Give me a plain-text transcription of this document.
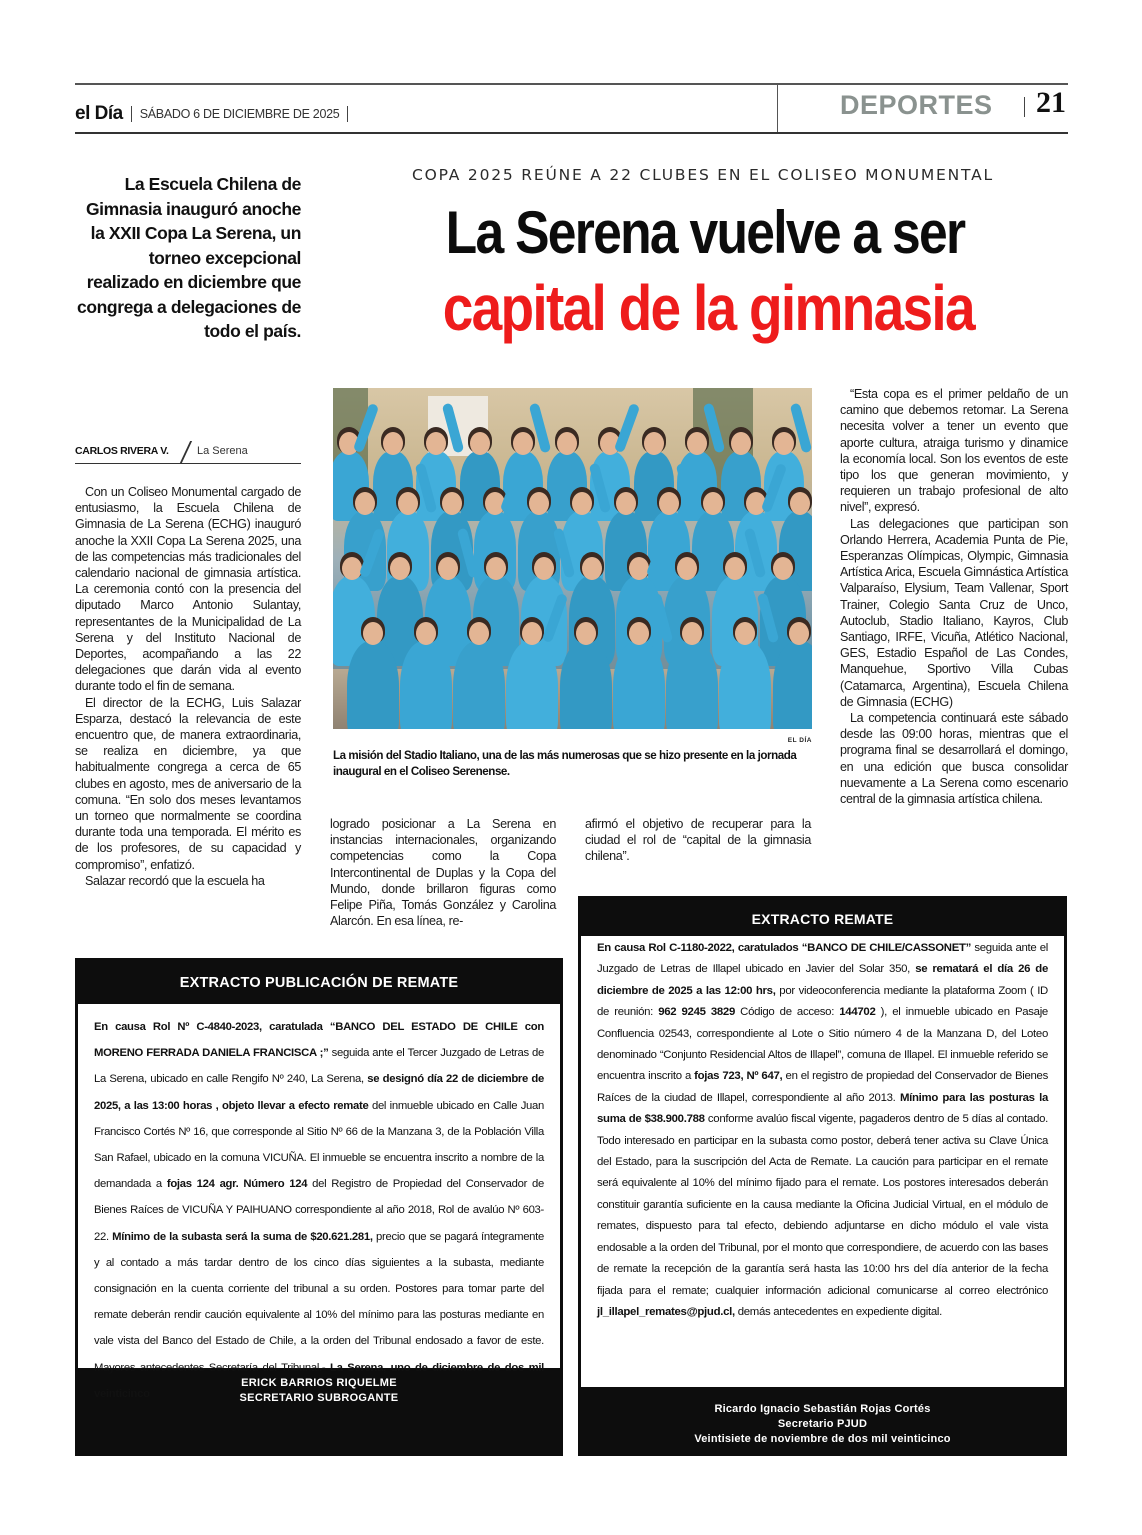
el Día SÁBADO 6 DE DICIEMBRE DE 2025	DEPORTES 21
La Escuela Chilena de Gimnasia inauguró anoche la XXII Copa La Serena, un torneo excepcional realizado en diciembre que congrega a delegaciones de todo el país.
COPA 2025 REÚNE A 22 CLUBES EN EL COLISEO MONUMENTAL
La Serena vuelve a ser
capital de la gimnasia
CARLOS RIVERA V.	La Serena

Con un Coliseo Monumental cargado de entusiasmo, la Escuela Chilena de Gimnasia de La Serena (ECHG) inauguró anoche la XXII Copa La Serena 2025, una de las competencias más tradicionales del calendario nacional de gimnasia artística. La ceremonia contó con la presencia del diputado Marco Antonio Sulantay, representantes de la Municipalidad de La Serena y del Instituto Nacional de Deportes, acompañando a las 22 delegaciones que darán vida al evento durante todo el fin de semana.

El director de la ECHG, Luis Salazar Esparza, destacó la relevancia de este encuentro que, de manera extraordinaria, se realiza en diciembre, ya que habitualmente congrega a cerca de 65 clubes en agosto, mes de aniversario de la comuna. “En solo dos meses levantamos un torneo que normalmente se coordina durante toda una temporada. El mérito es de los profesores, de su capacidad y compromiso”, enfatizó.

Salazar recordó que la escuela ha

EL DÍA
La misión del Stadio Italiano, una de las más numerosas que se hizo presente en la jornada inaugural en el Coliseo Serenense.

logrado posicionar a La Serena en instancias internacionales, organizando competencias como la Copa Intercontinental de Duplas y la Copa del Mundo, donde brillaron figuras como Felipe Piña, Tomás González y Carolina Alarcón. En esa línea, re-

afirmó el objetivo de recuperar para la ciudad el rol de “capital de la gimnasia chilena”.

“Esta copa es el primer peldaño de un camino que debemos retomar. La Serena necesita volver a tener un evento que aporte cultura, atraiga turismo y dinamice la economía local. Son los eventos de este tipo los que generan movimiento, y requieren un trabajo profesional de alto nivel”, expresó.

Las delegaciones que participan son Orlando Herrera, Academia Punta de Pie, Esperanzas Olímpicas, Olympic, Gimnasia Artística Arica, Escuela Gimnástica Artística Valparaíso, Elysium, Team Vallenar, Sport Trainer, Colegio Santa Cruz de Unco, Autoclub, Stadio Italiano, Kayros, Club Santiago, IRFE, Vicuña, Atlético Nacional, GES, Estadio Español de Las Condes, Manquehue, Sportivo Villa Cubas (Catamarca, Argentina), Escuela Chilena de Gimnasia (ECHG)

La competencia continuará este sábado desde las 09:00 horas, mientras que el programa final se desarrollará el domingo, en una edición que busca consolidar nuevamente a La Serena como escenario central de la gimnasia artística chilena.

EXTRACTO PUBLICACIÓN DE REMATE
En causa Rol Nº C-4840-2023, caratulada “BANCO DEL ESTADO DE CHILE con MORENO FERRADA DANIELA FRANCISCA ;” seguida ante el Tercer Juzgado de Letras de La Serena, ubicado en calle Rengifo Nº 240, La Serena, se designó día 22 de diciembre de 2025, a las 13:00 horas , objeto llevar a efecto remate del inmueble ubicado en Calle Juan Francisco Cortés Nº 16, que corresponde al Sitio Nº 66 de la Manzana 3, de la Población Villa San Rafael, ubicado en la comuna VICUÑA. El inmueble se encuentra inscrito a nombre de la demandada a fojas 124 agr. Número 124 del Registro de Propiedad del Conservador de Bienes Raíces de VICUÑA Y PAIHUANO correspondiente al año 2018, Rol de avalúo Nº 603-22. Mínimo de la subasta será la suma de $20.621.281, precio que se pagará íntegramente y al contado a más tardar dentro de los cinco días siguientes a la subasta, mediante consignación en la cuenta corriente del tribunal a su orden. Postores para tomar parte del remate deberán rendir caución equivalente al 10% del mínimo para las posturas mediante en vale vista del Banco del Estado de Chile, a la orden del Tribunal endosado a favor de este. Mayores antecedentes Secretaría del Tribunal.- La Serena, uno de diciembre de dos mil veinticinco
ERICK BARRIOS RIQUELME
SECRETARIO SUBROGANTE
EXTRACTO REMATE
En causa Rol C-1180-2022, caratulados “BANCO DE CHILE/CASSONET” seguida ante el Juzgado de Letras de Illapel ubicado en Javier del Solar 350, se rematará el día 26 de diciembre de 2025 a las 12:00 hrs, por videoconferencia mediante la plataforma Zoom ( ID de reunión: 962 9245 3829 Código de acceso: 144702 ), el inmueble ubicado en Pasaje Confluencia 02543, correspondiente al Lote o Sitio número 4 de la Manzana D, del Loteo denominado “Conjunto Residencial Altos de Illapel”, comuna de Illapel. El inmueble referido se encuentra inscrito a fojas 723, Nº 647, en el registro de propiedad del Conservador de Bienes Raíces de la ciudad de Illapel, correspondiente al año 2013. Mínimo para las posturas la suma de $38.900.788 conforme avalúo fiscal vigente, pagaderos dentro de 5 días al contado. Todo interesado en participar en la subasta como postor, deberá tener activa su Clave Única del Estado, para la suscripción del Acta de Remate. La caución para participar en el remate será equivalente al 10% del mínimo fijado para el remate. Los postores interesados deberán constituir garantía suficiente en la causa mediante la Oficina Judicial Virtual, en el módulo de remates, dispuesto para tal efecto, debiendo adjuntarse en dicho módulo el vale vista endosable a la orden del Tribunal, por el monto que correspondiere, de acuerdo con las bases de remate la recepción de la garantía será hasta las 10:00 hrs del día anterior de la fecha fijada para el remate; cualquier información adicional comunicarse al correo electrónico jl_illapel_remates@pjud.cl, demás antecedentes en expediente digital.
Ricardo Ignacio Sebastián Rojas Cortés
Secretario PJUD
Veintisiete de noviembre de dos mil veinticinco
